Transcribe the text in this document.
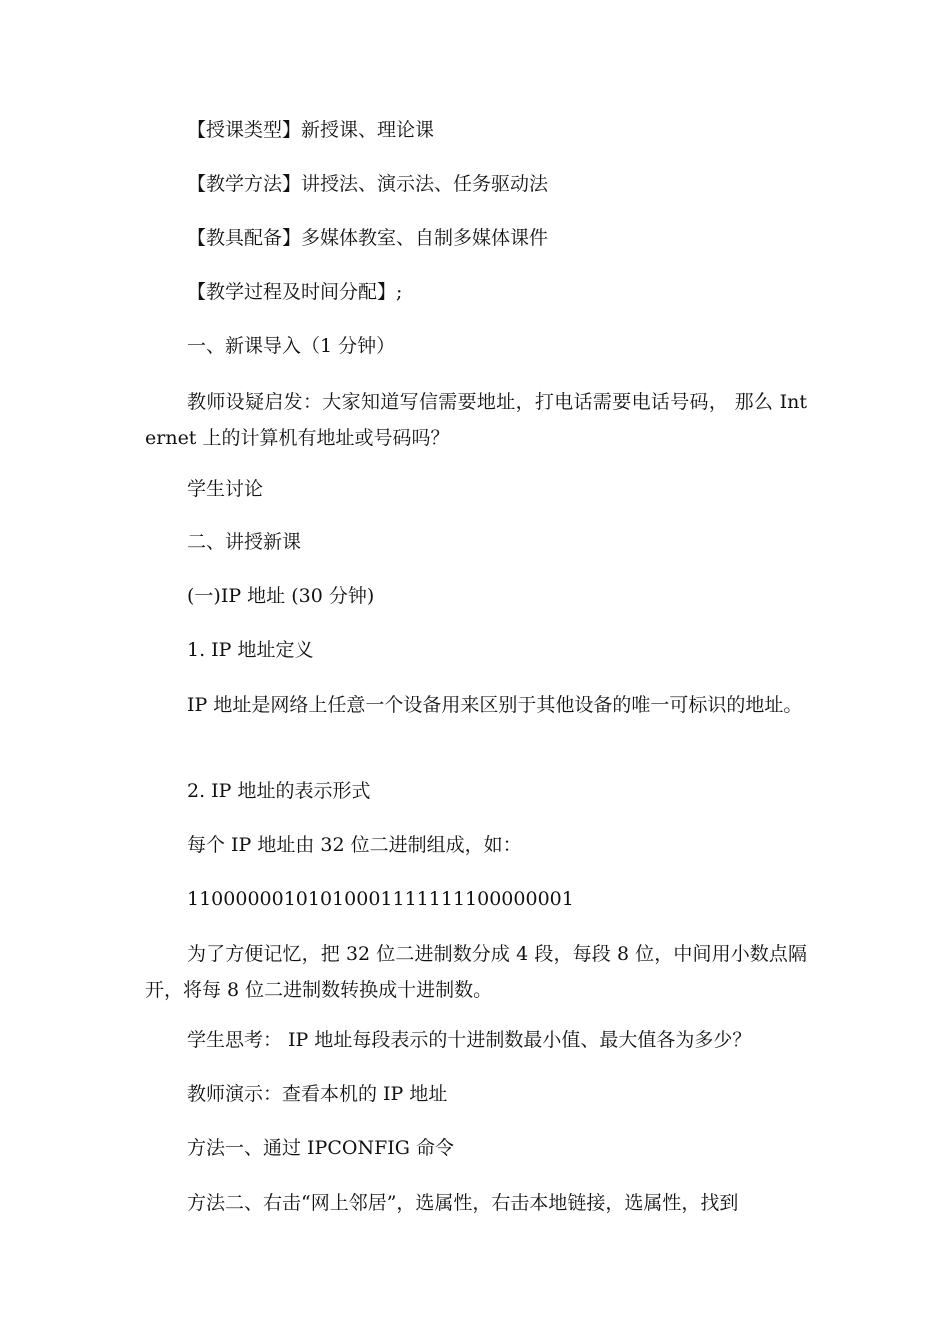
【授课类型】新授课、理论课

【教学方法】讲授法、演示法、任务驱动法

【教具配备】多媒体教室、自制多媒体课件

【教学过程及时间分配】;

一、新课导入（1 分钟）

教师设疑启发：大家知道写信需要地址，打电话需要电话号码， 那么 Internet 上的计算机有地址或号码吗？

学生讨论

二、讲授新课

(一)IP 地址 (30 分钟)

1. IP 地址定义

IP 地址是网络上任意一个设备用来区别于其他设备的唯一可标识的地址。

2. IP 地址的表示形式

每个 IP 地址由 32 位二进制组成，如：

11000000101010001111111100000001

为了方便记忆，把 32 位二进制数分成 4 段，每段 8 位，中间用小数点隔开，将每 8 位二进制数转换成十进制数。

学生思考： IP 地址每段表示的十进制数最小值、最大值各为多少？

教师演示：查看本机的 IP 地址

方法一、通过 IPCONFIG 命令

方法二、右击“网上邻居”，选属性，右击本地链接，选属性，找到
